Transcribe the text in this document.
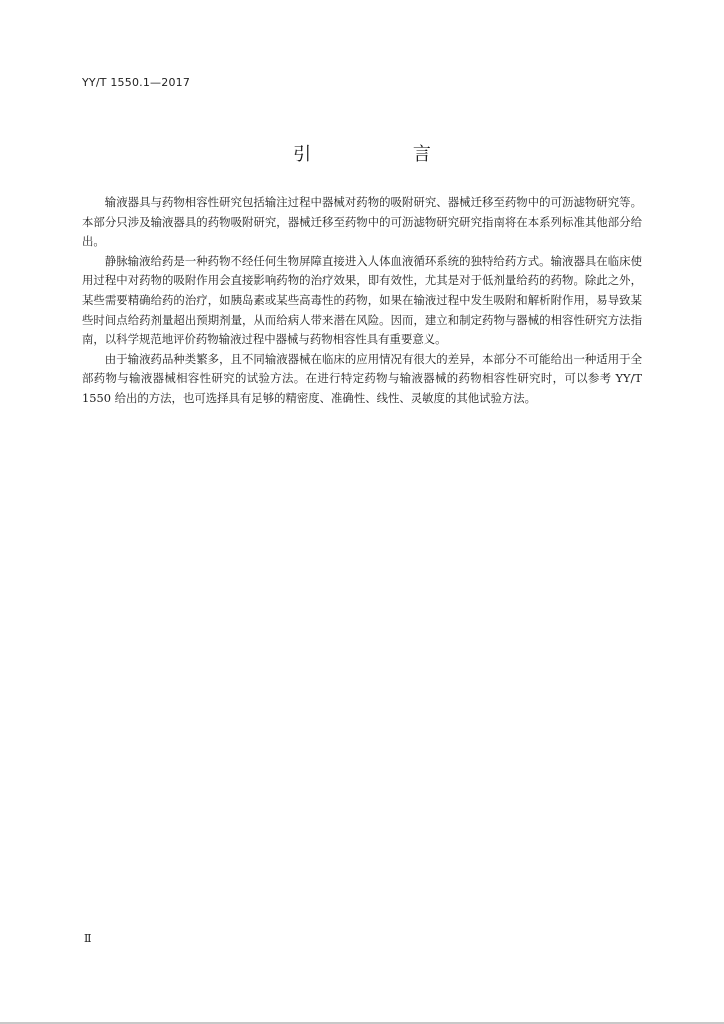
YY/T 1550.1—2017
引 言

输液器具与药物相容性研究包括输注过程中器械对药物的吸附研究、器械迁移至药物中的可沥滤物研究等。本部分只涉及输液器具的药物吸附研究，器械迁移至药物中的可沥滤物研究研究指南将在本系列标准其他部分给出。

静脉输液给药是一种药物不经任何生物屏障直接进入人体血液循环系统的独特给药方式。输液器具在临床使用过程中对药物的吸附作用会直接影响药物的治疗效果，即有效性，尤其是对于低剂量给药的药物。除此之外，某些需要精确给药的治疗，如胰岛素或某些高毒性的药物，如果在输液过程中发生吸附和解析附作用，易导致某些时间点给药剂量超出预期剂量，从而给病人带来潜在风险。因而，建立和制定药物与器械的相容性研究方法指南，以科学规范地评价药物输液过程中器械与药物相容性具有重要意义。

由于输液药品种类繁多，且不同输液器械在临床的应用情况有很大的差异，本部分不可能给出一种适用于全部药物与输液器械相容性研究的试验方法。在进行特定药物与输液器械的药物相容性研究时，可以参考 YY/T 1550 给出的方法，也可选择具有足够的精密度、准确性、线性、灵敏度的其他试验方法。

Ⅱ
